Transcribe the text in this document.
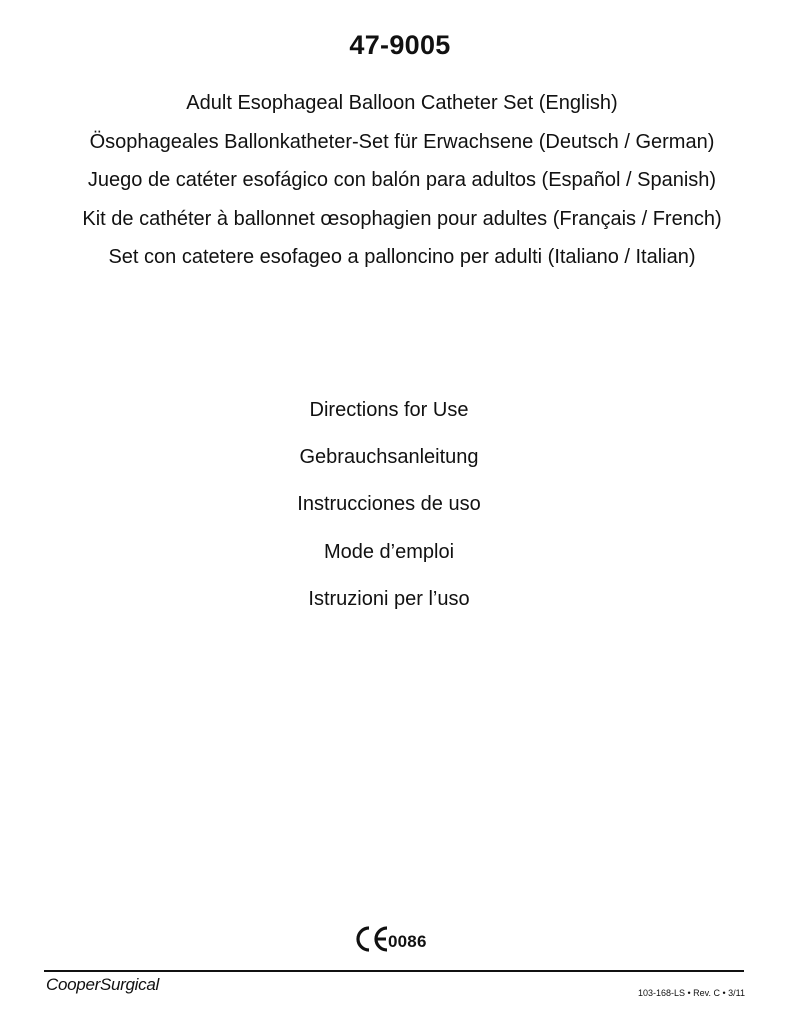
47-9005
Adult Esophageal Balloon Catheter Set (English)
Ösophageales Ballonkatheter-Set für Erwachsene (Deutsch / German)
Juego de catéter esofágico con balón para adultos (Español / Spanish)
Kit de cathéter à ballonnet œsophagien pour adultes (Français / French)
Set con catetere esofageo a palloncino per adulti (Italiano / Italian)
Directions for Use
Gebrauchsanleitung
Instrucciones de uso
Mode d’emploi
Istruzioni per l’uso
0086
CooperSurgical	103-168-LS • Rev. C • 3/11
